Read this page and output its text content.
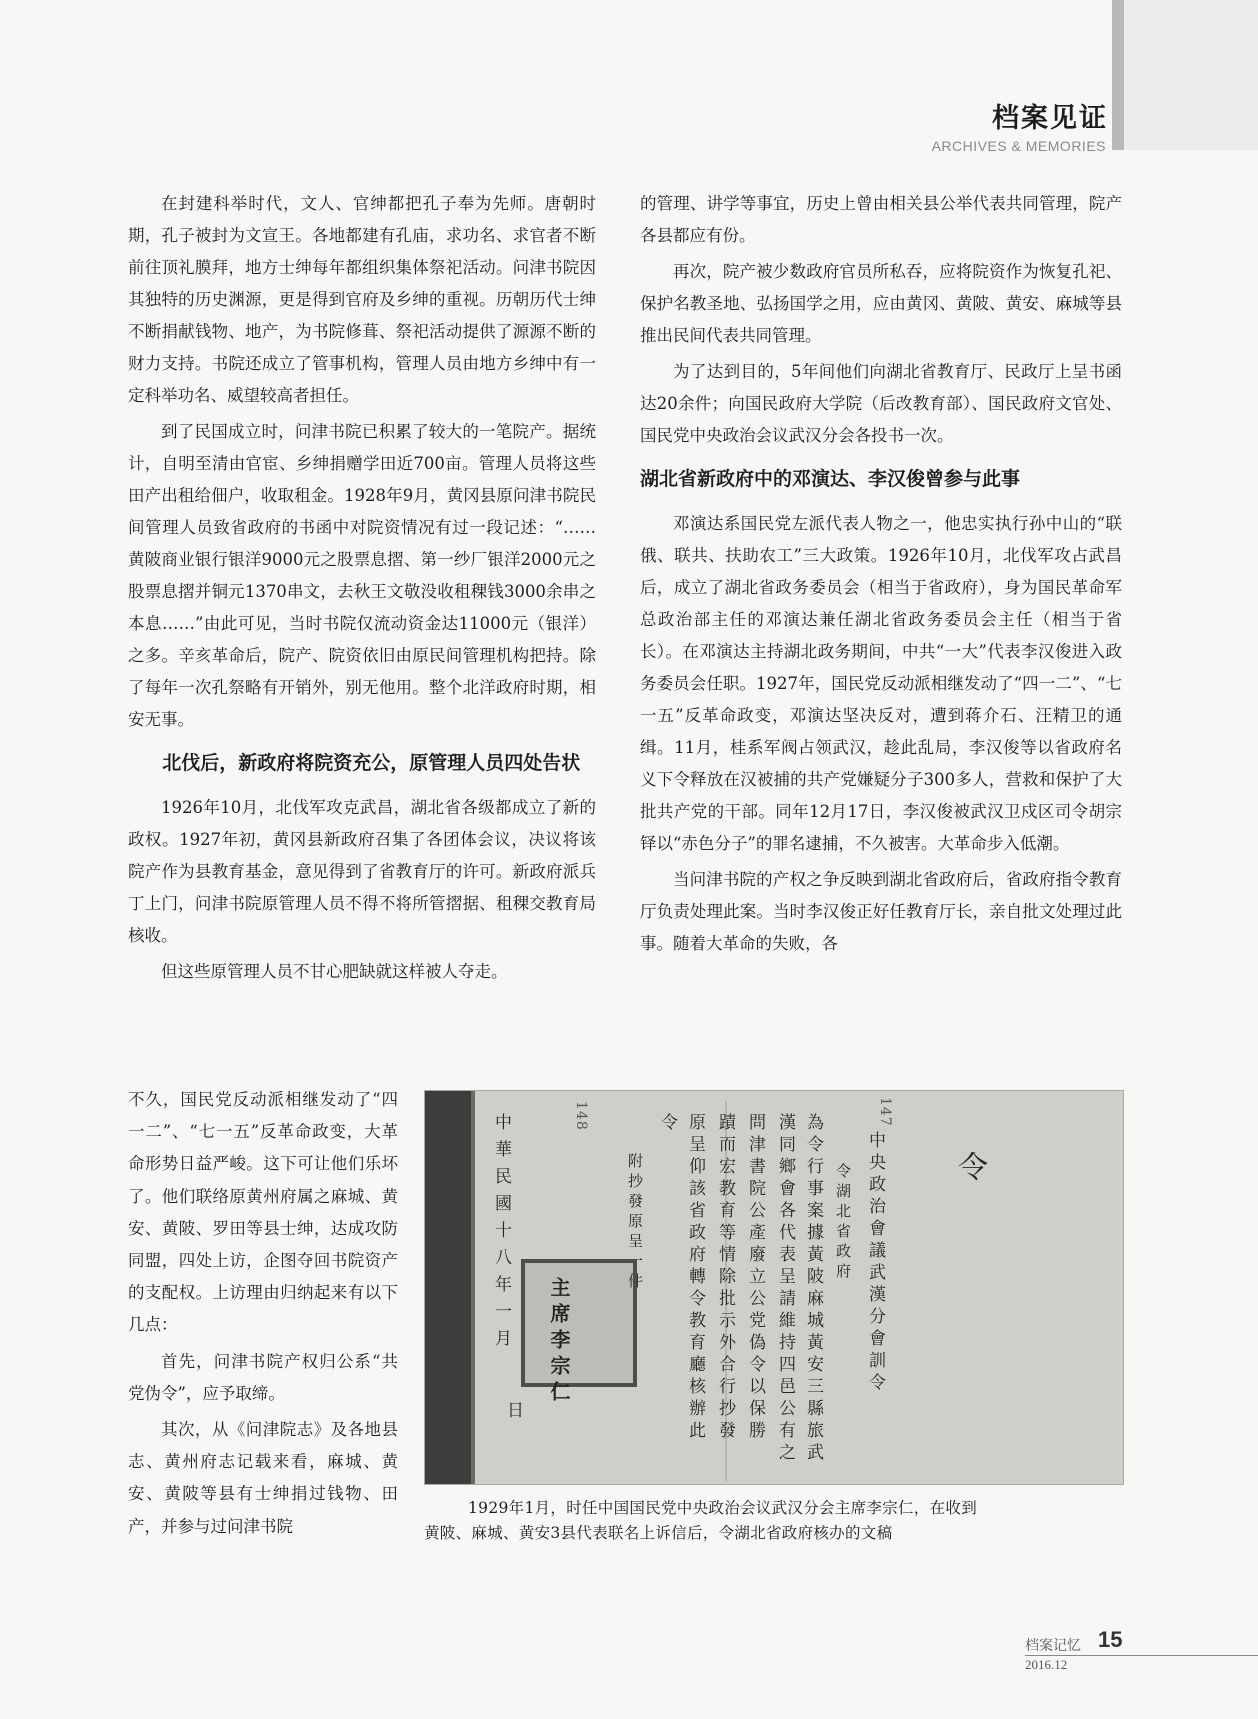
档案见证
ARCHIVES & MEMORIES

在封建科举时代，文人、官绅都把孔子奉为先师。唐朝时期，孔子被封为文宣王。各地都建有孔庙，求功名、求官者不断前往顶礼膜拜，地方士绅每年都组织集体祭祀活动。问津书院因其独特的历史渊源，更是得到官府及乡绅的重视。历朝历代士绅不断捐献钱物、地产，为书院修葺、祭祀活动提供了源源不断的财力支持。书院还成立了管事机构，管理人员由地方乡绅中有一定科举功名、威望较高者担任。

到了民国成立时，问津书院已积累了较大的一笔院产。据统计，自明至清由官宦、乡绅捐赠学田近700亩。管理人员将这些田产出租给佃户，收取租金。1928年9月，黄冈县原问津书院民间管理人员致省政府的书函中对院资情况有过一段记述：“……黄陂商业银行银洋9000元之股票息摺、第一纱厂银洋2000元之股票息摺并铜元1370串文，去秋王文敬没收租稞钱3000余串之本息……”由此可见，当时书院仅流动资金达11000元（银洋）之多。辛亥革命后，院产、院资依旧由原民间管理机构把持。除了每年一次孔祭略有开销外，别无他用。整个北洋政府时期，相安无事。

北伐后，新政府将院资充公，原管理人员四处告状

1926年10月，北伐军攻克武昌，湖北省各级都成立了新的政权。1927年初，黄冈县新政府召集了各团体会议，决议将该院产作为县教育基金，意见得到了省教育厅的许可。新政府派兵丁上门，问津书院原管理人员不得不将所管摺据、租稞交教育局核收。

但这些原管理人员不甘心肥缺就这样被人夺走。

不久，国民党反动派相继发动了“四一二”、“七一五”反革命政变，大革命形势日益严峻。这下可让他们乐坏了。他们联络原黄州府属之麻城、黄安、黄陂、罗田等县士绅，达成攻防同盟，四处上访，企图夺回书院资产的支配权。上访理由归纳起来有以下几点：

首先，问津书院产权归公系“共党伪令”，应予取缔。

其次，从《问津院志》及各地县志、黄州府志记载来看，麻城、黄安、黄陂等县有士绅捐过钱物、田产，并参与过问津书院

的管理、讲学等事宜，历史上曾由相关县公举代表共同管理，院产各县都应有份。

再次，院产被少数政府官员所私吞，应将院资作为恢复孔祀、保护名教圣地、弘扬国学之用，应由黄冈、黄陂、黄安、麻城等县推出民间代表共同管理。

为了达到目的，5年间他们向湖北省教育厅、民政厅上呈书函达20余件；向国民政府大学院（后改教育部）、国民政府文官处、国民党中央政治会议武汉分会各投书一次。

湖北省新政府中的邓演达、李汉俊曾参与此事

邓演达系国民党左派代表人物之一，他忠实执行孙中山的“联俄、联共、扶助农工”三大政策。1926年10月，北伐军攻占武昌后，成立了湖北省政务委员会（相当于省政府），身为国民革命军总政治部主任的邓演达兼任湖北省政务委员会主任（相当于省长）。在邓演达主持湖北政务期间，中共“一大”代表李汉俊进入政务委员会任职。1927年，国民党反动派相继发动了“四一二”、“七一五”反革命政变，邓演达坚决反对，遭到蒋介石、汪精卫的通缉。11月，桂系军阀占领武汉，趁此乱局，李汉俊等以省政府名义下令释放在汉被捕的共产党嫌疑分子300多人，营救和保护了大批共产党的干部。同年12月17日，李汉俊被武汉卫戍区司令胡宗铎以“赤色分子”的罪名逮捕，不久被害。大革命步入低潮。

当问津书院的产权之争反映到湖北省政府后，省政府指令教育厅负责处理此案。当时李汉俊正好任教育厅长，亲自批文处理过此事。随着大革命的失败，各

148	147
令
中央政治會議武漢分會訓令
令湖北省政府
為令行事案據黃陂麻城黃安三縣旅武
漢同鄉會各代表呈請維持四邑公有之
問津書院公產廢立公党偽令以保勝
蹟而宏教育等情除批示外合行抄發
原呈仰該省政府轉令教育廳核辦此
令
附抄發原呈一件
中華民國十八年一月
日
主席李宗仁
1929年1月，时任中国国民党中央政治会议武汉分会主席李宗仁，在收到
黄陂、麻城、黄安3县代表联名上诉信后，令湖北省政府核办的文稿
档案记忆 15
2016.12
